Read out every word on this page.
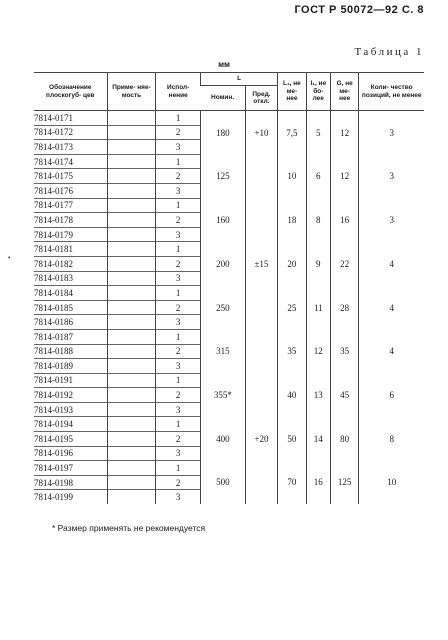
ГОСТ Р 50072—92 С. 8
Таблица 1
мм
•
Обозначение плоскогуб- цев	Приме- няе- мость	Испол- нение	L		L₁, не ме- нее	l₁, не бо- лее	G, не ме- нее	Коли- чество позиций, не менее
			Номин.	Пред. откл.				
7814-0171		1	180	+10	7,5	5	12	3
7814-0172		2						
7814-0173		3						
7814-0174		1	125	±15	10	6	12	3
7814-0175		2						
7814-0176		3						
7814-0177		1	160		18	8	16	3
7814-0178		2						
7814-0179		3						
7814-0181		1	200		20	9	22	4
7814-0182		2						
7814-0183		3						
7814-0184		1	250		25	11	28	4
7814-0185		2						
7814-0186		3						
7814-0187		1	315		35	12	35	4
7814-0188		2						
7814-0189		3						
7814-0191		1	355*	+20	40	13	45	6
7814-0192		2						
7814-0193		3						
7814-0194		1	400		50	14	80	8
7814-0195		2						
7814-0196		3						
7814-0197		1	500		70	16	125	10
7814-0198		2						
7814-0199		3						
* Размер применять не рекомендуется
